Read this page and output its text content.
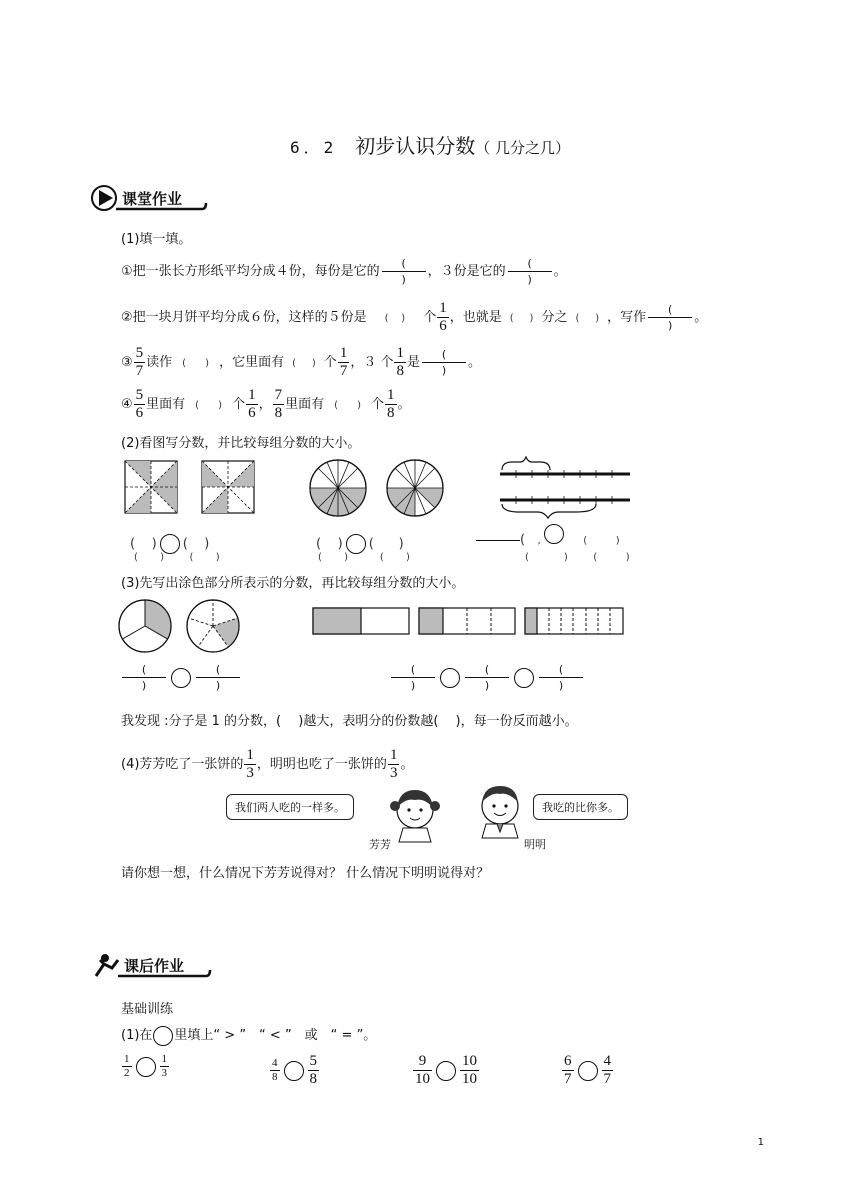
6．2 初步认识分数（ 几分之几）
课堂作业
(1)填一填。
①把一张长方形纸平均分成４份，每份是它的
(
)
，３份是它的
(
)
。
②把一块月饼平均分成６份，这样的５份是 ( ) 个 $\frac{1}{6}$ ，也就是 ( ) 分之 ( ) ，写作
(
)
。
③ $\frac{5}{7}$ 读作 ( ) ，它里面有 ( ) 个 $\frac{1}{7}$ ，３ 个 $\frac{1}{8}$ 是
(
)
。
④ $\frac{5}{6}$ 里面有 ( ) 个 $\frac{1}{6}$ ， $\frac{7}{8}$ 里面有 ( ) 个 $\frac{1}{8}$ 。
(2)看图写分数，并比较每组分数的大小。
( ) ( )
( )	( )
( ) ( )
( )	( )
( ,	(	)
(	)	(	)
(3)先写出涂色部分所表示的分数，再比较每组分数的大小。
(
)
(
)
(
)
(
)
(
)
我发现 :分子是 1 的分数，(　 )越大，表明分的份数越(　 )，每一份反而越小。
(4)芳芳吃了一张饼的 $\frac{1}{3}$ ，明明也吃了一张饼的 $\frac{1}{3}$ 。
我们两人吃的一样多。
芳芳	明明
我吃的比你多。
请你想一想，什么情况下芳芳说得对？ 什么情况下明明说得对？
课后作业
基础训练
(1)在 里填上“ > ”　“ < ”　或　“ = ”。
$\frac{1}{2}$	$\frac{1}{3}$	$\frac{4}{8} \frac{5}{8}$	$\frac{9}{10} \frac{10}{10}$	$\frac{6}{7} \frac{4}{7}$
1
